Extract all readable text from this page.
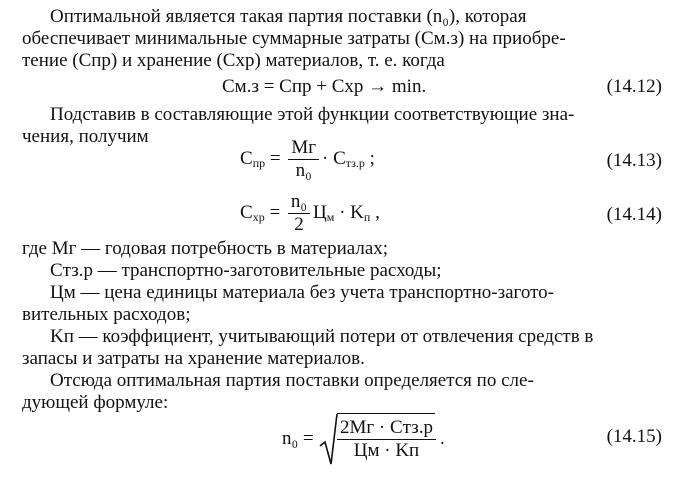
Оптимальной является такая партия поставки (n₀), которая
обеспечивает минимальные суммарные затраты (Cм.з) на приобре-
тение (Cпр) и хранение (Cхр) материалов, т. е. когда
Cм.з = Cпр + Cхр → min.	(14.12)
Подставив в составляющие этой функции соответствующие зна-
чения, получим
$C_{пр} = \frac{Mг}{\text{n₀}} \cdot C_{тз.р}$ ;	(14.13)
$C_{хр} = \frac{\text{n₀}}{2} Ц_м \cdot K_п$ ,	(14.14)
где Mг — годовая потребность в материалах;
Cтз.р — транспортно-заготовительные расходы;
Цм — цена единицы материала без учета транспортно-загото-
вительных расходов;
Kп — коэффициент, учитывающий потери от отвлечения средств в
запасы и затраты на хранение материалов.
Отсюда оптимальная партия поставки определяется по сле-
дующей формуле:
$n_0 = \frac{\text{2Mг · Cтз.р}}{Цм \cdot Kп}$ .	(14.15)
